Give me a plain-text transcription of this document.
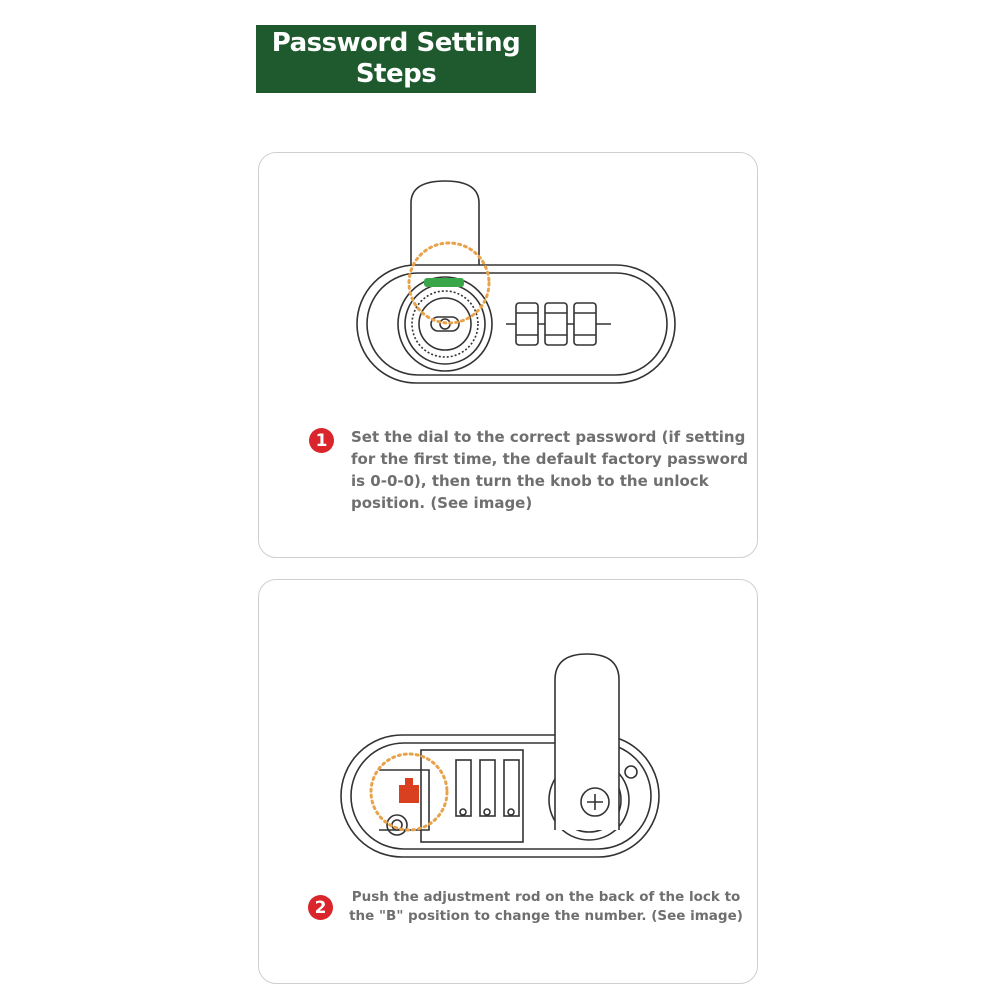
Password Setting
Steps
1	Set the dial to the correct password (if setting for the first time, the default factory password is 0-0-0), then turn the knob to the unlock position. (See image)
2
Push the adjustment rod on the back of the lock to the "B" position to change the number. (See image)
